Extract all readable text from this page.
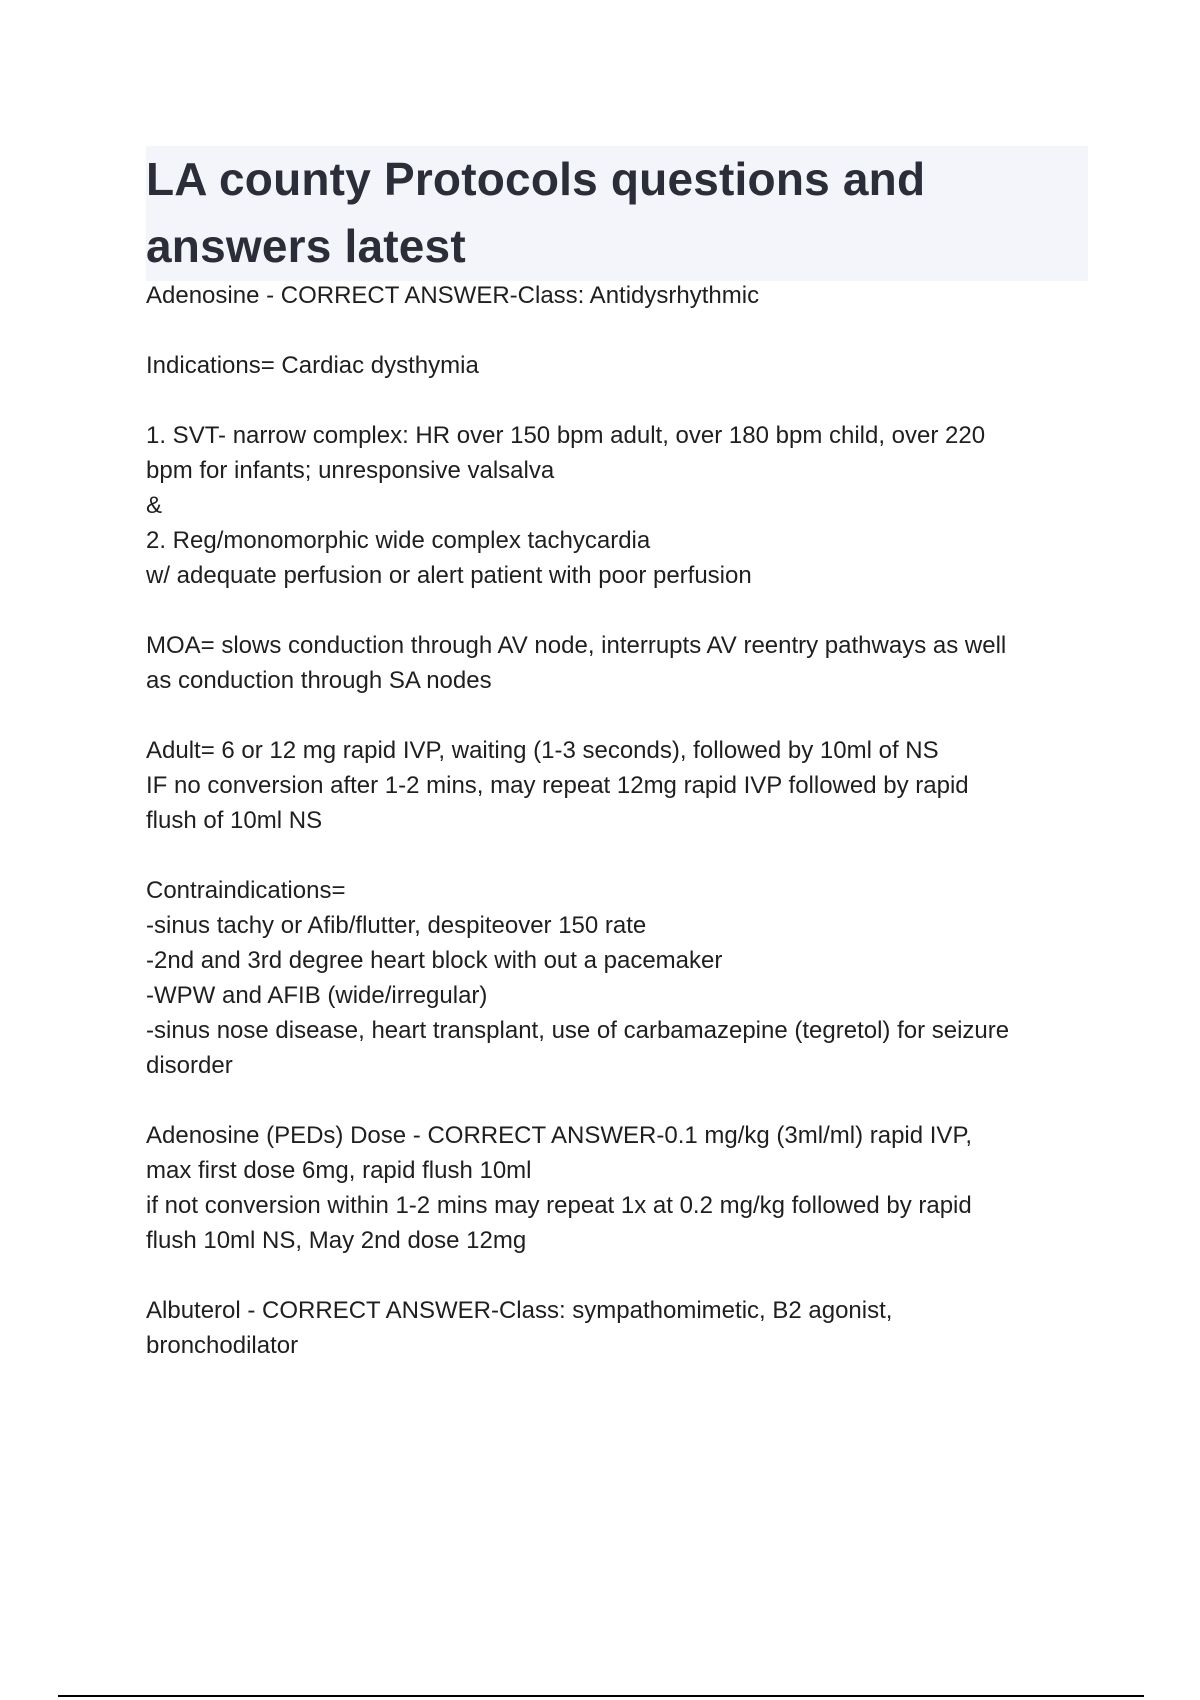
LA county Protocols questions and
answers latest
Adenosine - CORRECT ANSWER-Class: Antidysrhythmic
Indications= Cardiac dysthymia
1. SVT- narrow complex: HR over 150 bpm adult, over 180 bpm child, over 220
bpm for infants; unresponsive valsalva
&
2. Reg/monomorphic wide complex tachycardia
w/ adequate perfusion or alert patient with poor perfusion
MOA= slows conduction through AV node, interrupts AV reentry pathways as well
as conduction through SA nodes
Adult= 6 or 12 mg rapid IVP, waiting (1-3 seconds), followed by 10ml of NS
IF no conversion after 1-2 mins, may repeat 12mg rapid IVP followed by rapid
flush of 10ml NS
Contraindications=
-sinus tachy or Afib/flutter, despiteover 150 rate
-2nd and 3rd degree heart block with out a pacemaker
-WPW and AFIB (wide/irregular)
-sinus nose disease, heart transplant, use of carbamazepine (tegretol) for seizure
disorder
Adenosine (PEDs) Dose - CORRECT ANSWER-0.1 mg/kg (3ml/ml) rapid IVP,
max first dose 6mg, rapid flush 10ml
if not conversion within 1-2 mins may repeat 1x at 0.2 mg/kg followed by rapid
flush 10ml NS, May 2nd dose 12mg
Albuterol - CORRECT ANSWER-Class: sympathomimetic, B2 agonist,
bronchodilator
